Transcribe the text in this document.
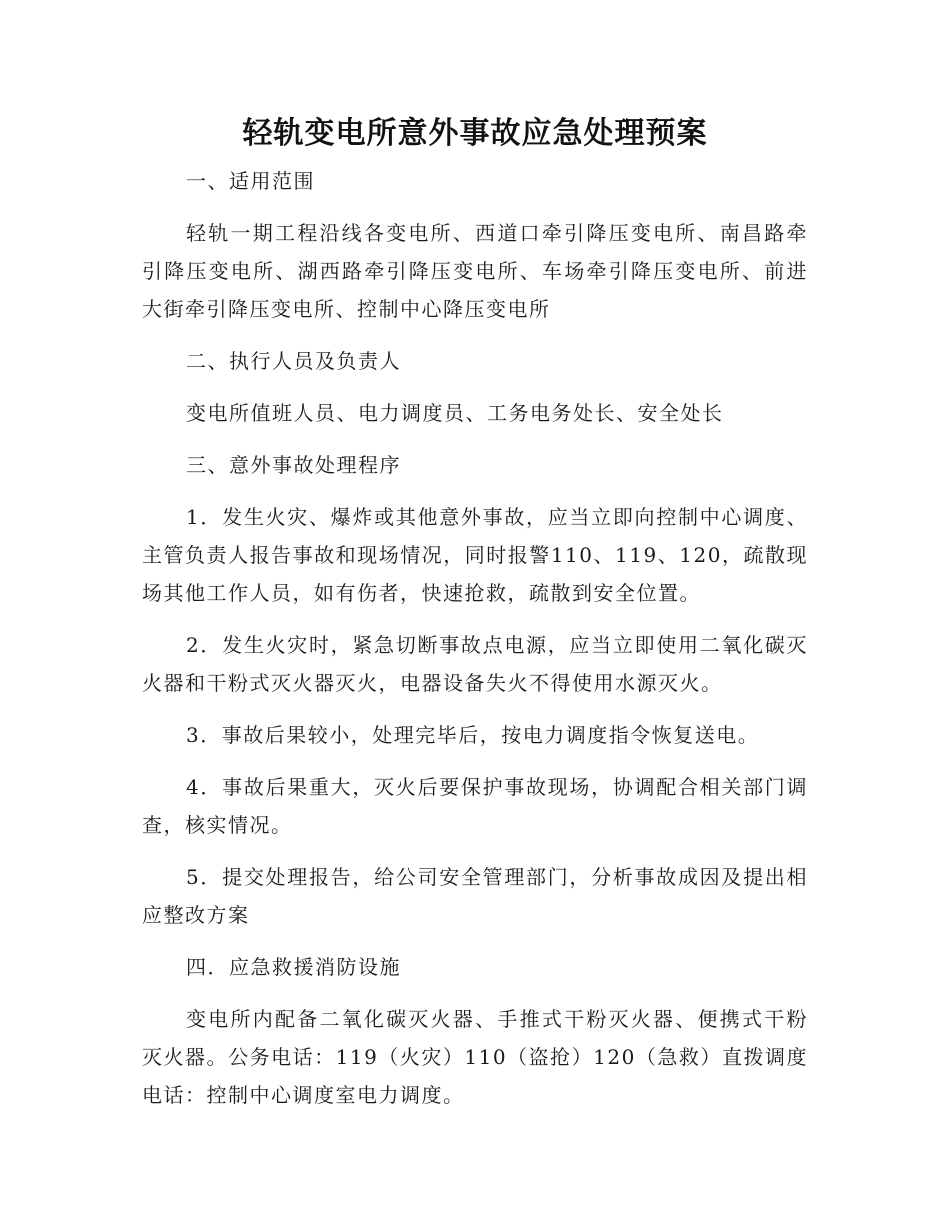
轻轨变电所意外事故应急处理预案

一、适用范围

轻轨一期工程沿线各变电所、西道口牵引降压变电所、南昌路牵引降压变电所、湖西路牵引降压变电所、车场牵引降压变电所、前进大街牵引降压变电所、控制中心降压变电所

二、执行人员及负责人

变电所值班人员、电力调度员、工务电务处长、安全处长

三、意外事故处理程序

1．发生火灾、爆炸或其他意外事故，应当立即向控制中心调度、主管负责人报告事故和现场情况，同时报警110、119、120，疏散现场其他工作人员，如有伤者，快速抢救，疏散到安全位置。

2．发生火灾时，紧急切断事故点电源，应当立即使用二氧化碳灭火器和干粉式灭火器灭火，电器设备失火不得使用水源灭火。

3．事故后果较小，处理完毕后，按电力调度指令恢复送电。

4．事故后果重大，灭火后要保护事故现场，协调配合相关部门调查，核实情况。

5．提交处理报告，给公司安全管理部门，分析事故成因及提出相应整改方案

四．应急救援消防设施

变电所内配备二氧化碳灭火器、手推式干粉灭火器、便携式干粉灭火器。公务电话：119（火灾）110（盗抢）120（急救）直拨调度电话：控制中心调度室电力调度。
